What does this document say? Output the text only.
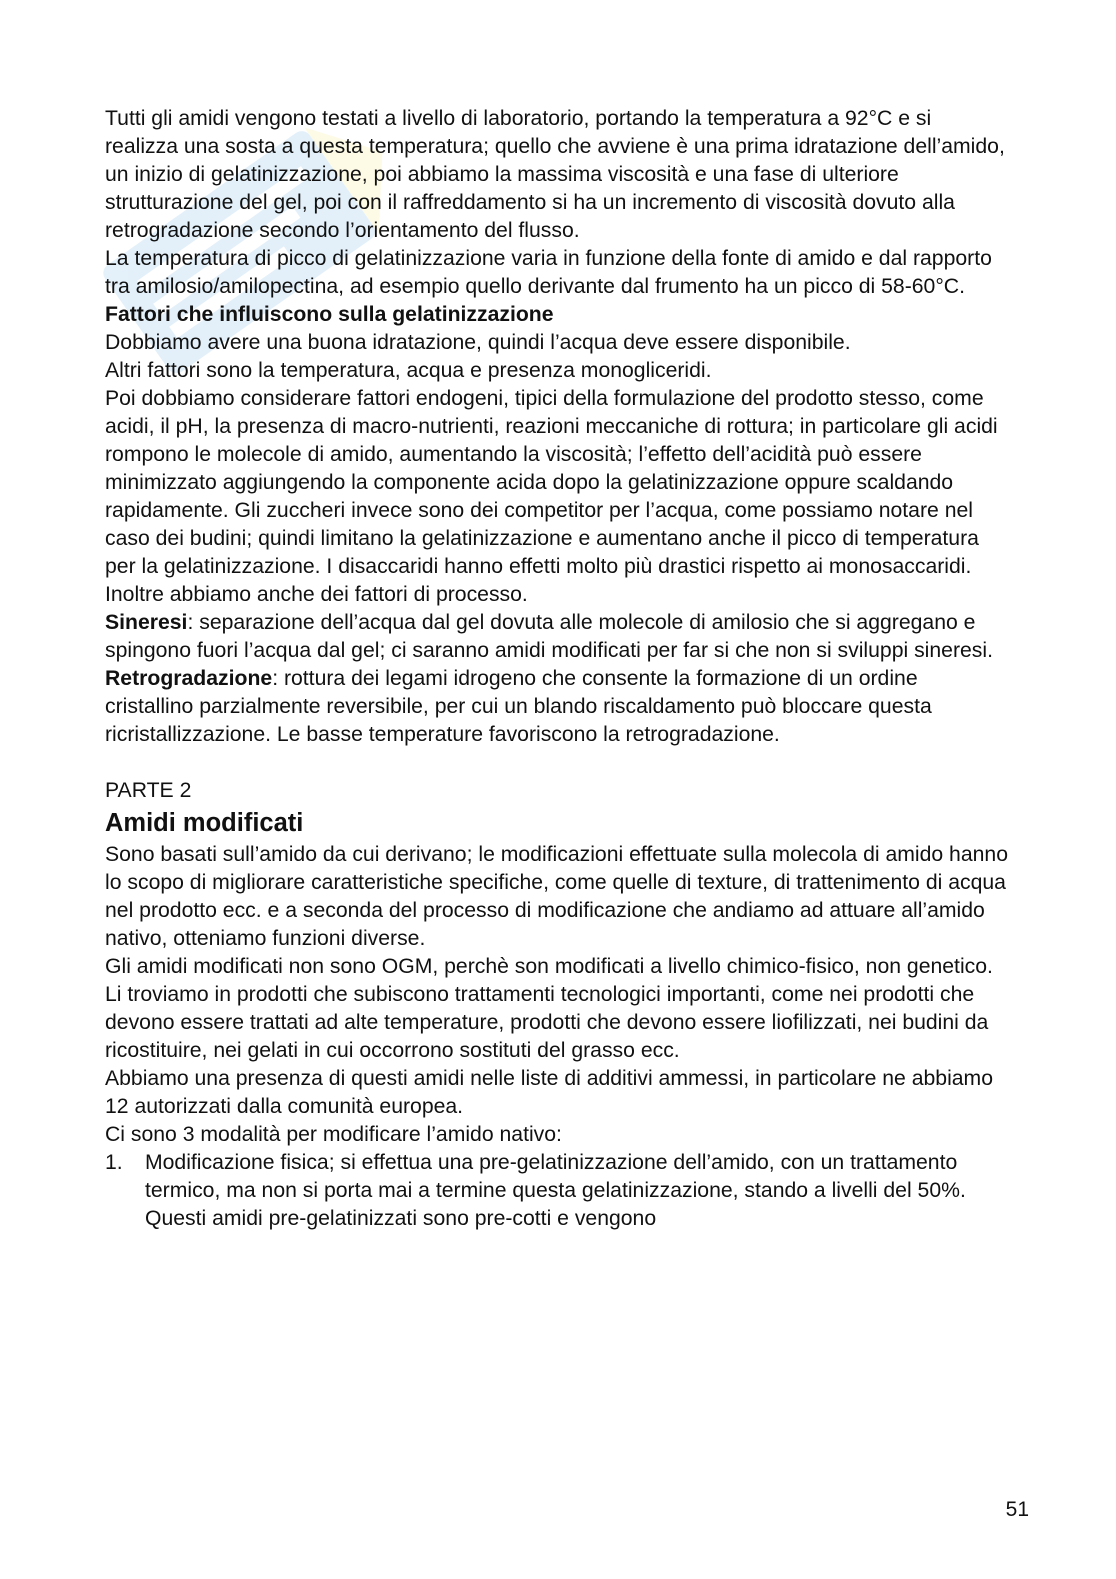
Tutti gli amidi vengono testati a livello di laboratorio, portando la temperatura a 92°C e si realizza una sosta a questa temperatura; quello che avviene è una prima idratazione dell’amido, un inizio di gelatinizzazione, poi abbiamo la massima viscosità e una fase di ulteriore strutturazione del gel, poi con il raffreddamento si ha un incremento di viscosità dovuto alla retrogradazione secondo l’orientamento del flusso.

La temperatura di picco di gelatinizzazione varia in funzione della fonte di amido e dal rapporto tra amilosio/amilopectina, ad esempio quello derivante dal frumento ha un picco di 58-60°C.

Fattori che influiscono sulla gelatinizzazione

Dobbiamo avere una buona idratazione, quindi l’acqua deve essere disponibile.

Altri fattori sono la temperatura, acqua e presenza monogliceridi.

Poi dobbiamo considerare fattori endogeni, tipici della formulazione del prodotto stesso, come acidi, il pH, la presenza di macro-nutrienti, reazioni meccaniche di rottura; in particolare gli acidi rompono le molecole di amido, aumentando la viscosità; l’effetto dell’acidità può essere minimizzato aggiungendo la componente acida dopo la gelatinizzazione oppure scaldando rapidamente. Gli zuccheri invece sono dei competitor per l’acqua, come possiamo notare nel caso dei budini; quindi limitano la gelatinizzazione e aumentano anche il picco di temperatura per la gelatinizzazione. I disaccaridi hanno effetti molto più drastici rispetto ai monosaccaridi.

Inoltre abbiamo anche dei fattori di processo.

Sineresi: separazione dell’acqua dal gel dovuta alle molecole di amilosio che si aggregano e spingono fuori l’acqua dal gel; ci saranno amidi modificati per far si che non si sviluppi sineresi.

Retrogradazione: rottura dei legami idrogeno che consente la formazione di un ordine cristallino parzialmente reversibile, per cui un blando riscaldamento può bloccare questa ricristallizzazione. Le basse temperature favoriscono la retrogradazione.

PARTE 2

Amidi modificati

Sono basati sull’amido da cui derivano; le modificazioni effettuate sulla molecola di amido hanno lo scopo di migliorare caratteristiche specifiche, come quelle di texture, di trattenimento di acqua nel prodotto ecc. e a seconda del processo di modificazione che andiamo ad attuare all’amido nativo, otteniamo funzioni diverse.

Gli amidi modificati non sono OGM, perchè son modificati a livello chimico-fisico, non genetico.

Li troviamo in prodotti che subiscono trattamenti tecnologici importanti, come nei prodotti che devono essere trattati ad alte temperature, prodotti che devono essere liofilizzati, nei budini da ricostituire, nei gelati in cui occorrono sostituti del grasso ecc.

Abbiamo una presenza di questi amidi nelle liste di additivi ammessi, in particolare ne abbiamo 12 autorizzati dalla comunità europea.

Ci sono 3 modalità per modificare l’amido nativo:

1. Modificazione fisica; si effettua una pre-gelatinizzazione dell’amido, con un trattamento termico, ma non si porta mai a termine questa gelatinizzazione, stando a livelli del 50%. Questi amidi pre-gelatinizzati sono pre-cotti e vengono
51
